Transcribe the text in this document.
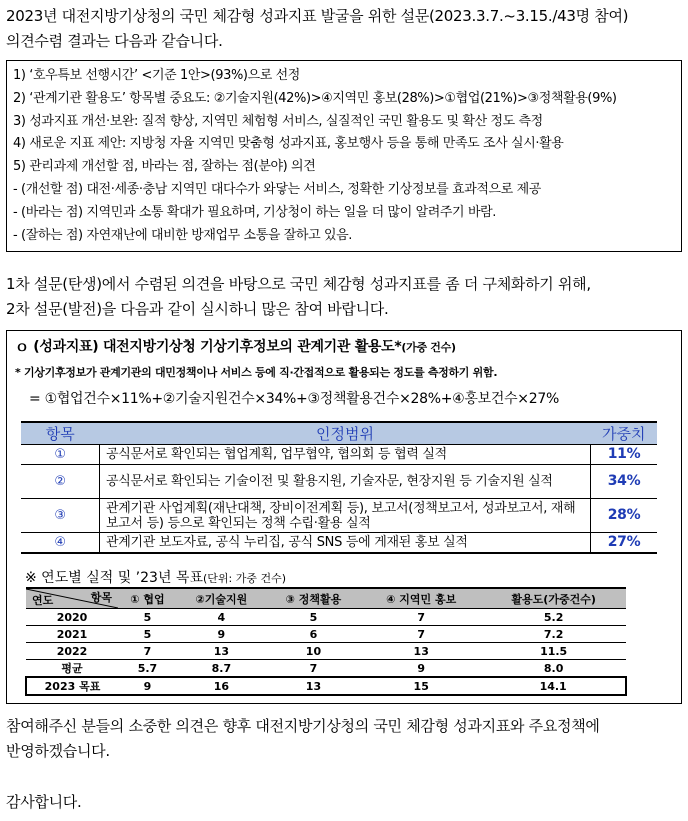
2023년 대전지방기상청의 국민 체감형 성과지표 발굴을 위한 설문(2023.3.7.~3.15./43명 참여)
의견수렴 결과는 다음과 같습니다.
1) ‘호우특보 선행시간’ <기준 1안>(93%)으로 선정
2) ‘관계기관 활용도’ 항목별 중요도: ②기술지원(42%)>④지역민 홍보(28%)>①협업(21%)>③정책활용(9%)
3) 성과지표 개선·보완: 질적 향상, 지역민 체험형 서비스, 실질적인 국민 활용도 및 확산 정도 측정
4) 새로운 지표 제안: 지방청 자율 지역민 맞춤형 성과지표, 홍보행사 등을 통해 만족도 조사 실시·활용
5) 관리과제 개선할 점, 바라는 점, 잘하는 점(분야) 의견
- (개선할 점) 대전·세종·충남 지역민 대다수가 와닿는 서비스, 정확한 기상정보를 효과적으로 제공
- (바라는 점) 지역민과 소통 확대가 필요하며, 기상청이 하는 일을 더 많이 알려주기 바람.
- (잘하는 점) 자연재난에 대비한 방재업무 소통을 잘하고 있음.
1차 설문(탄생)에서 수렴된 의견을 바탕으로 국민 체감형 성과지표를 좀 더 구체화하기 위해,
2차 설문(발전)을 다음과 같이 실시하니 많은 참여 바랍니다.
ｏ (성과지표) 대전지방기상청 기상기후정보의 관계기관 활용도*(가중 건수)
* 기상기후정보가 관계기관의 대민정책이나 서비스 등에 직·간접적으로 활용되는 정도를 측정하기 위함.
= ①협업건수×11%+②기술지원건수×34%+③정책활용건수×28%+④홍보건수×27%
항목	인정범위	가중치
①	공식문서로 확인되는 협업계획, 업무협약, 협의회 등 협력 실적	11%
②	공식문서로 확인되는 기술이전 및 활용지원, 기술자문, 현장지원 등 기술지원 실적	34%
③	관계기관 사업계획(재난대책, 장비이전계획 등), 보고서(정책보고서, 성과보고서, 재해보고서 등) 등으로 확인되는 정책 수립·활용 실적	28%
④	관계기관 보도자료, 공식 누리집, 공식 SNS 등에 게재된 홍보 실적	27%
※ 연도별 실적 및 ’23년 목표(단위: 가중 건수)
항목
연도	① 협업	②기술지원	③ 정책활용	④ 지역민 홍보	활용도(가중건수)
2020	5	4	5	7	5.2
2021	5	9	6	7	7.2
2022	7	13	10	13	11.5
평균	5.7	8.7	7	9	8.0
2023 목표	9	16	13	15	14.1
참여해주신 분들의 소중한 의견은 향후 대전지방기상청의 국민 체감형 성과지표와 주요정책에
반영하겠습니다.
감사합니다.
